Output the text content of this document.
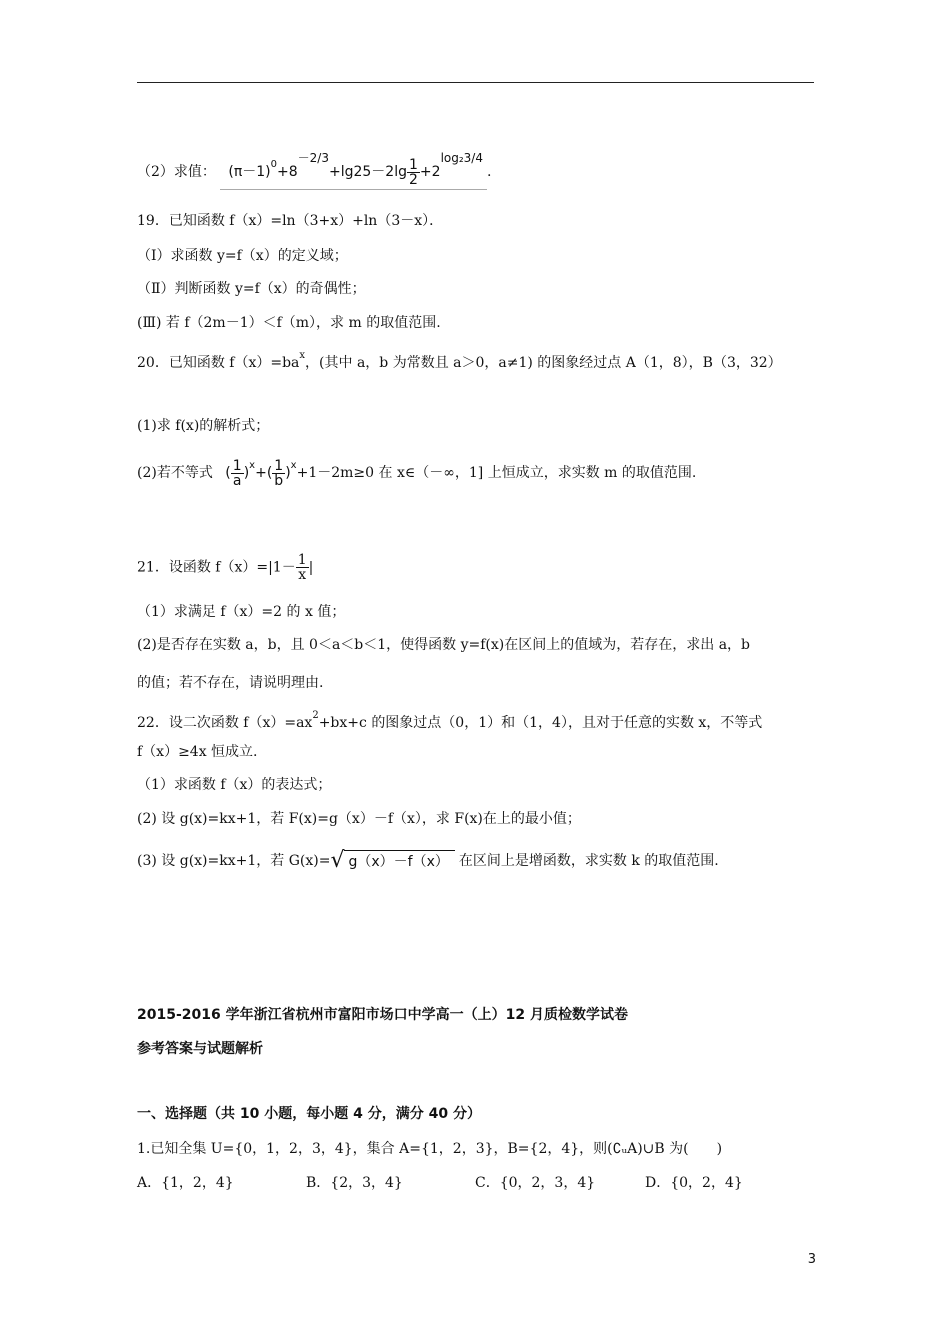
（2）求值： $(\pi-1)^0+8-2/3+\lg 25-2\lg \frac{1}{2} +2\log_23/4$.
19．已知函数 f（x）=ln（3+x）+ln（3－x）．
（Ⅰ）求函数 y=f（x）的定义域；
（Ⅱ）判断函数 y=f（x）的奇偶性；
(Ⅲ) 若 f（2m－1）＜f（m），求 m 的取值范围.
20．已知函数 $f(x)=ba^x$，(其中 a，b 为常数且 a＞0，a≠1) 的图象经过点 A（1，8），B（3，32）
(1)求 f(x)的解析式；
(2)若不等式 ( $\frac{1}{a} )^x+( \frac{1}{b} )^x+1-2m\ge 0$ 在 x∈（－∞，1] 上恒成立，求实数 m 的取值范围.
21．设函数 $f(x)=|1- \frac{1}{x}$ |
（1）求满足 f（x）=2 的 x 值；
(2)是否存在实数 a，b，且 0＜a＜b＜1，使得函数 y=f(x)在区间上的值域为，若存在，求出 a，b
的值；若不存在，请说明理由.
22．设二次函数 $f(x)=ax^2+bx+c$ 的图象过点（0，1）和（1，4），且对于任意的实数 x，不等式
f（x）≥4x 恒成立.
（1）求函数 f（x）的表达式；
(2) 设 g(x)=kx+1，若 F(x)=g（x）－f（x），求 F(x)在上的最小值；
(3) 设 g(x)=kx+1，若 G(x)= √ g（x）－f（x） 在区间上是增函数，求实数 k 的取值范围.
2015-2016 学年浙江省杭州市富阳市场口中学高一（上）12 月质检数学试卷
参考答案与试题解析
一、选择题（共 10 小题，每小题 4 分，满分 40 分）
1.已知全集 U={0，1，2，3，4}，集合 A={1，2，3}，B={2，4}，则(∁ᵤA)∪B 为(　　)
A．{1，2，4}	B．{2，3，4}	C．{0，2，3，4}	D．{0，2，4}
3
